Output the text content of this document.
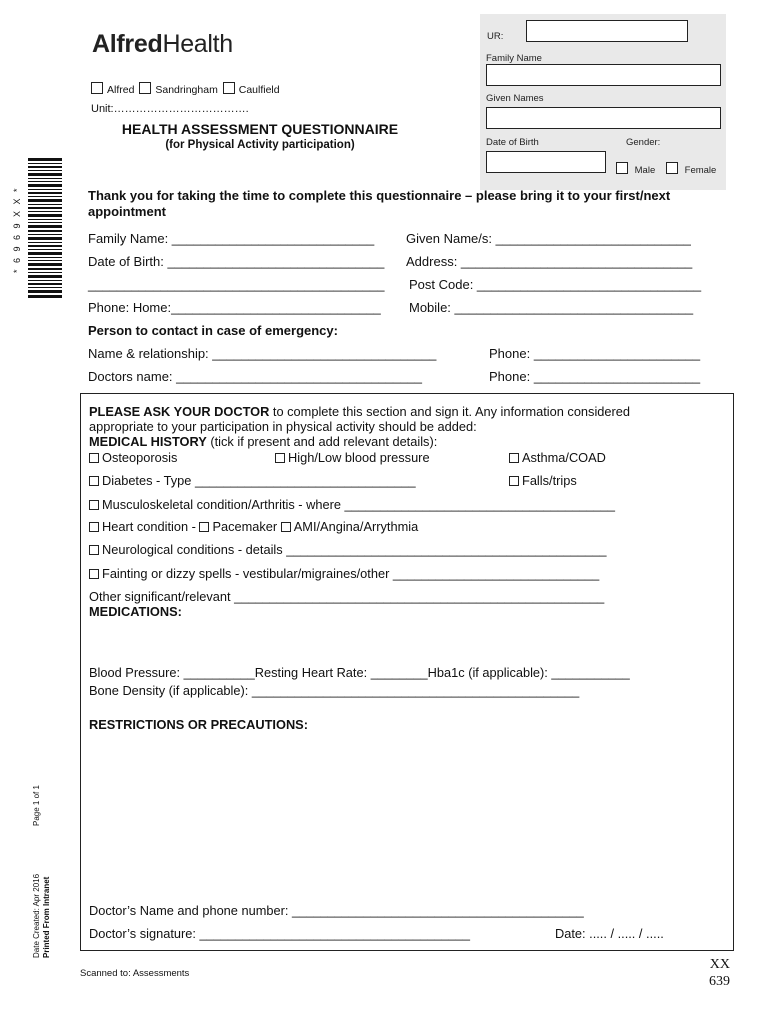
AlfredHealth
Alfred Sandringham Caulfield
Unit:……………………………….
HEALTH ASSESSMENT QUESTIONNAIRE
(for Physical Activity participation)
UR:
Family Name
Given Names
Date of Birth	Gender:
Male	Female
* 6 9 6 9 X X *
Page 1 of 1
Date Created: Apr 2016 Printed From Intranet
Thank you for taking the time to complete this questionnaire – please bring it to your first/next appointment
Family Name: ____________________________ Given Name/s: ___________________________
Date of Birth: ______________________________ Address: ________________________________
_________________________________________ Post Code: _______________________________
Phone: Home:_____________________________ Mobile: _________________________________
Person to contact in case of emergency:
Name & relationship: _______________________________	Phone: _______________________
Doctors name: __________________________________	Phone: _______________________
PLEASE ASK YOUR DOCTOR to complete this section and sign it. Any information considered
appropriate to your participation in physical activity should be added:
MEDICAL HISTORY (tick if present and add relevant details):
Osteoporosis	High/Low blood pressure	Asthma/COAD
Diabetes - Type _______________________________	Falls/trips
Musculoskeletal condition/Arthritis - where ______________________________________
Heart condition - Pacemaker AMI/Angina/Arrythmia
Neurological conditions - details _____________________________________________
Fainting or dizzy spells - vestibular/migraines/other _____________________________
Other significant/relevant ____________________________________________________
MEDICATIONS:
Blood Pressure: __________Resting Heart Rate: ________Hba1c (if applicable): ___________
Bone Density (if applicable): ______________________________________________
RESTRICTIONS OR PRECAUTIONS:
Doctor’s Name and phone number: _________________________________________
Doctor’s signature: ______________________________________	Date: ..... / ..... / .....
Scanned to: Assessments
XX
639
